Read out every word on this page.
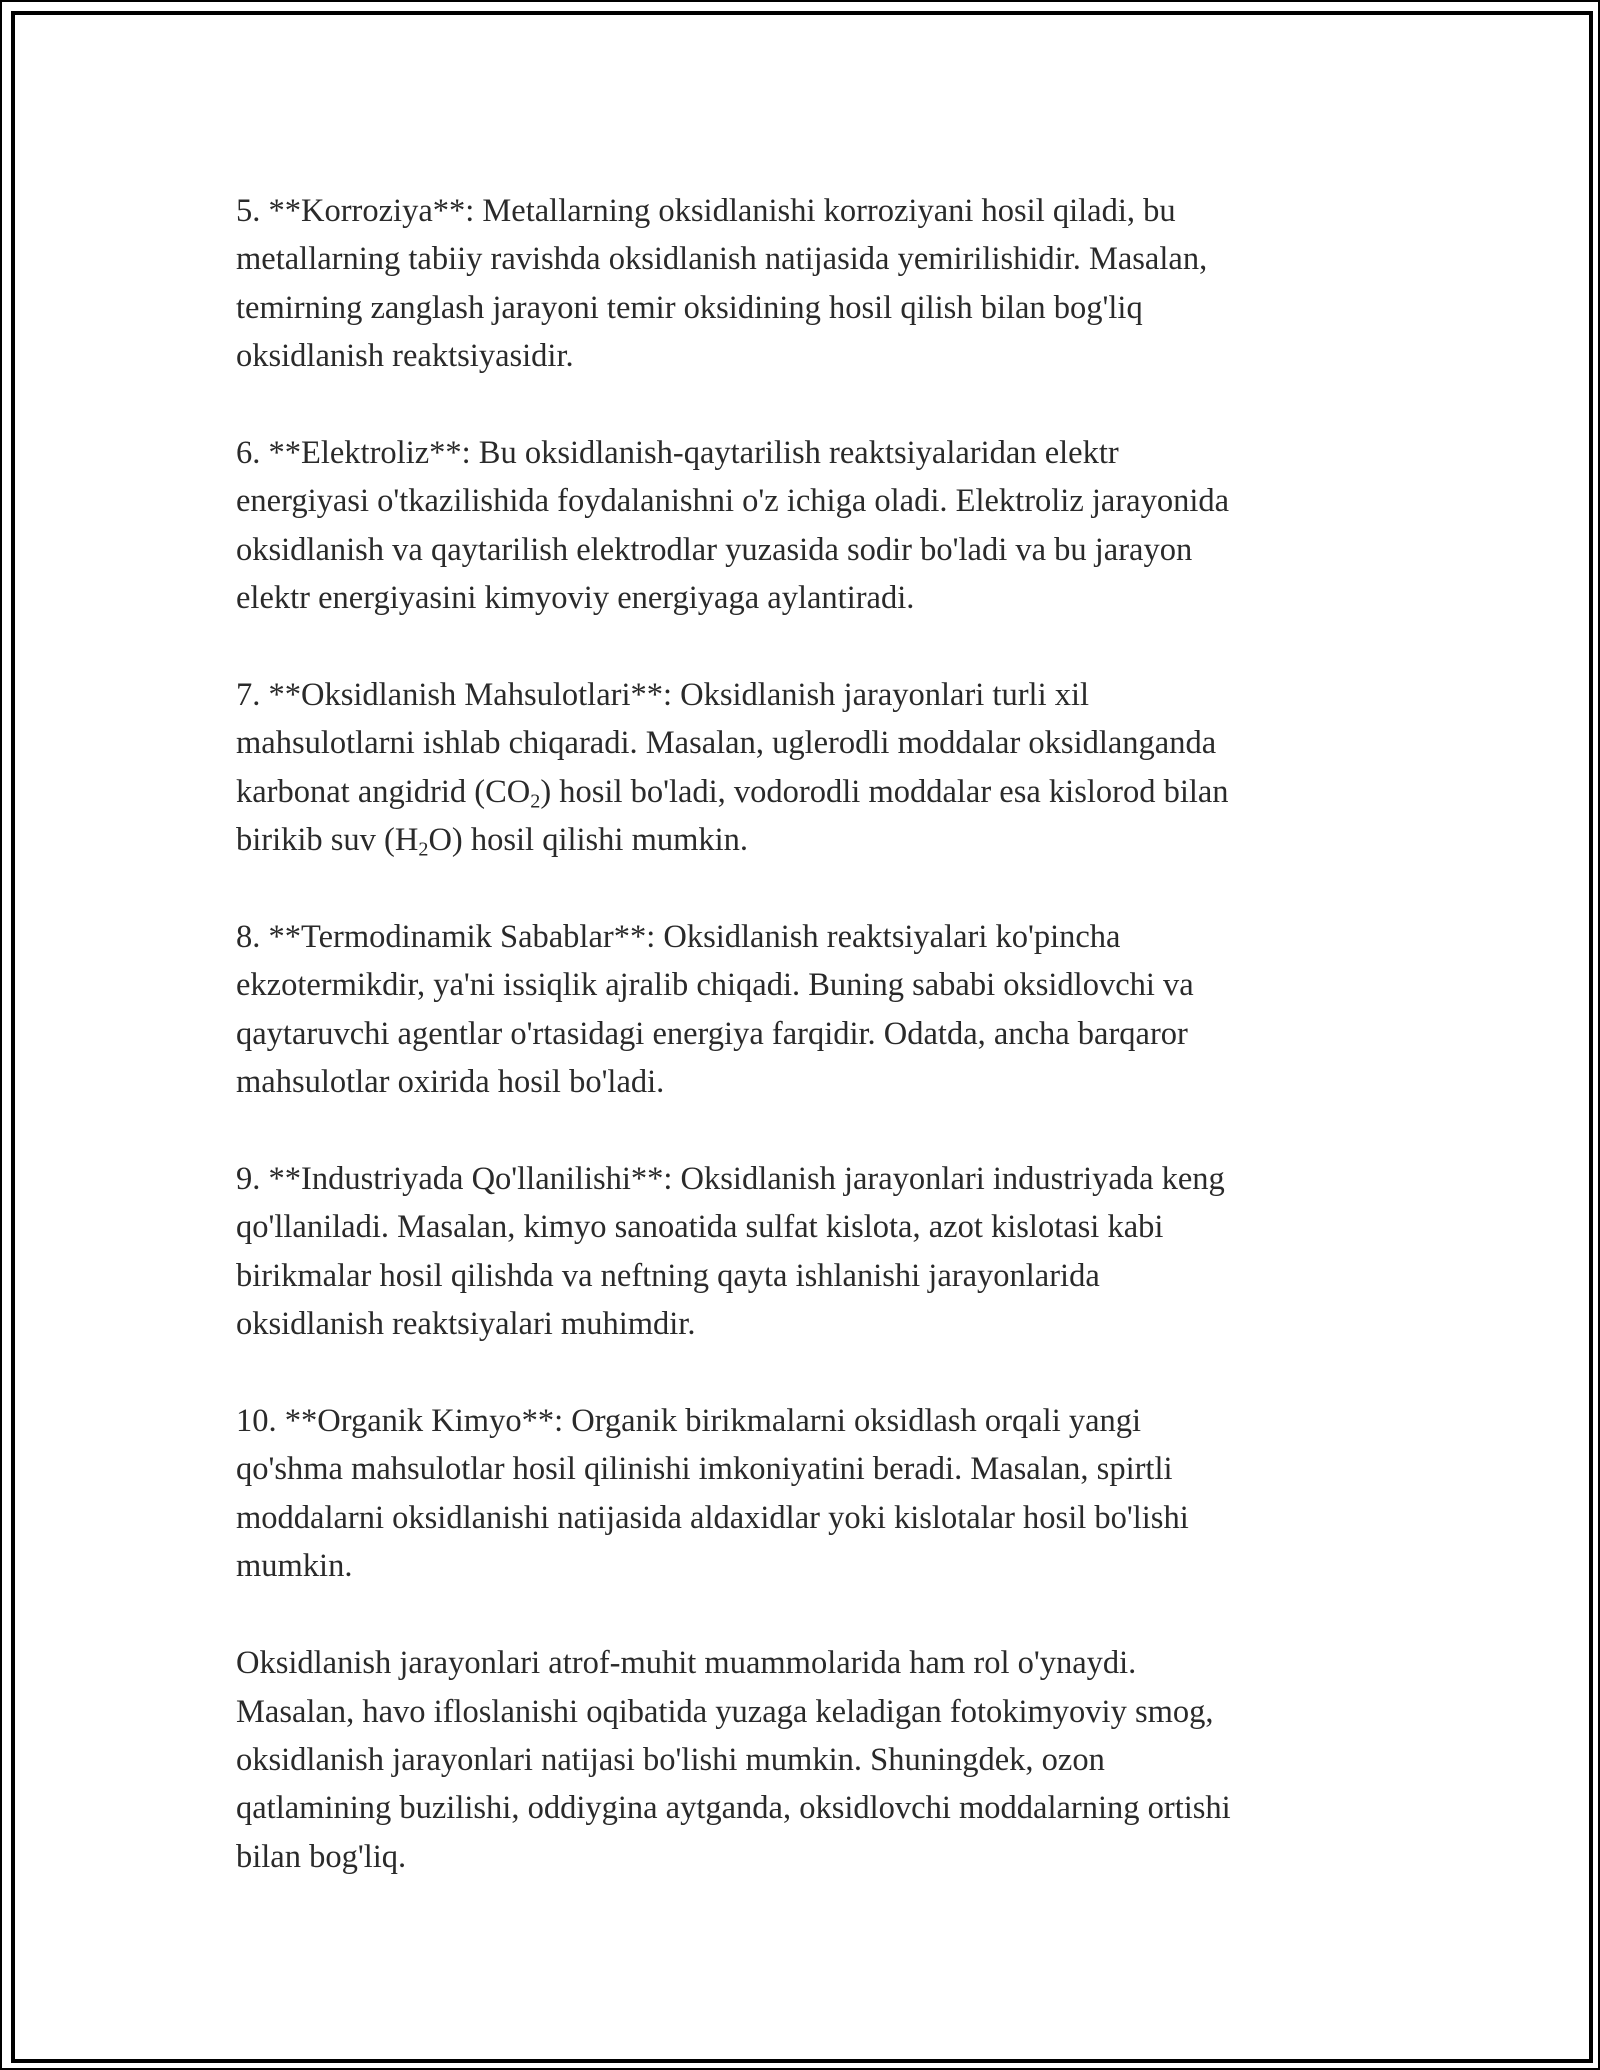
5. **Korroziya**: Metallarning oksidlanishi korroziyani hosil qiladi, bu
metallarning tabiiy ravishda oksidlanish natijasida yemirilishidir. Masalan,
temirning zanglash jarayoni temir oksidining hosil qilish bilan bog'liq
oksidlanish reaktsiyasidir.

6. **Elektroliz**: Bu oksidlanish-qaytarilish reaktsiyalaridan elektr
energiyasi o'tkazilishida foydalanishni o'z ichiga oladi. Elektroliz jarayonida
oksidlanish va qaytarilish elektrodlar yuzasida sodir bo'ladi va bu jarayon
elektr energiyasini kimyoviy energiyaga aylantiradi.

7. **Oksidlanish Mahsulotlari**: Oksidlanish jarayonlari turli xil
mahsulotlarni ishlab chiqaradi. Masalan, uglerodli moddalar oksidlanganda
karbonat angidrid $(CO_2)$ hosil bo'ladi, vodorodli moddalar esa kislorod bilan
birikib suv $(H_2O)$ hosil qilishi mumkin.

8. **Termodinamik Sabablar**: Oksidlanish reaktsiyalari ko'pincha
ekzotermikdir, ya'ni issiqlik ajralib chiqadi. Buning sababi oksidlovchi va
qaytaruvchi agentlar o'rtasidagi energiya farqidir. Odatda, ancha barqaror
mahsulotlar oxirida hosil bo'ladi.

9. **Industriyada Qo'llanilishi**: Oksidlanish jarayonlari industriyada keng
qo'llaniladi. Masalan, kimyo sanoatida sulfat kislota, azot kislotasi kabi
birikmalar hosil qilishda va neftning qayta ishlanishi jarayonlarida
oksidlanish reaktsiyalari muhimdir.

10. **Organik Kimyo**: Organik birikmalarni oksidlash orqali yangi
qo'shma mahsulotlar hosil qilinishi imkoniyatini beradi. Masalan, spirtli
moddalarni oksidlanishi natijasida aldaxidlar yoki kislotalar hosil bo'lishi
mumkin.

Oksidlanish jarayonlari atrof-muhit muammolarida ham rol o'ynaydi.
Masalan, havo ifloslanishi oqibatida yuzaga keladigan fotokimyoviy smog,
oksidlanish jarayonlari natijasi bo'lishi mumkin. Shuningdek, ozon
qatlamining buzilishi, oddiygina aytganda, oksidlovchi moddalarning ortishi
bilan bog'liq.
